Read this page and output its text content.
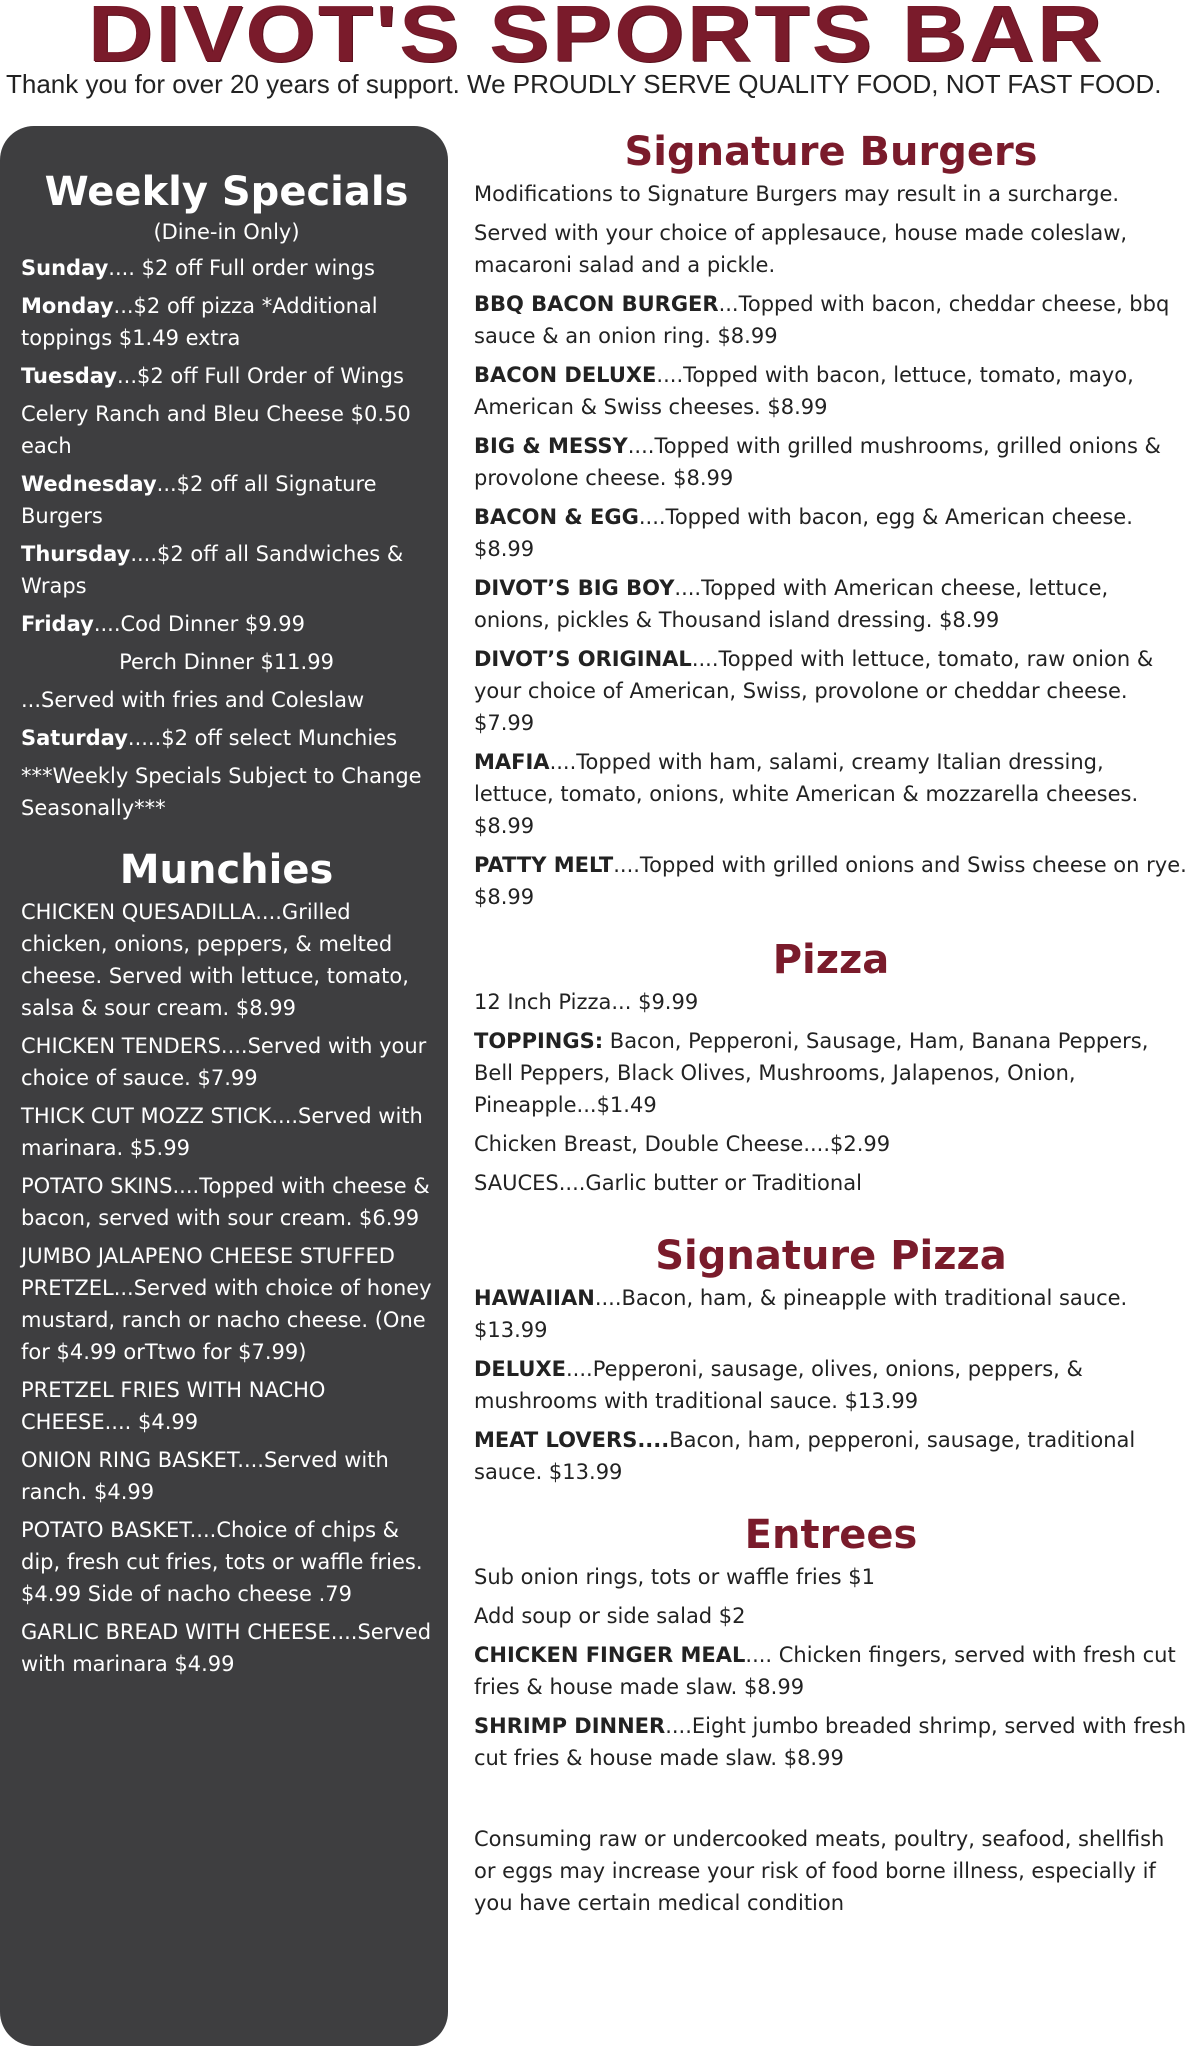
DIVOT'S SPORTS BAR
Thank you for over 20 years of support. We PROUDLY SERVE QUALITY FOOD, NOT FAST FOOD.
Weekly Specials
(Dine-in Only)
Sunday.... $2 off Full order wings
Monday...$2 off pizza *Additional toppings $1.49 extra
Tuesday...$2 off Full Order of Wings
Celery Ranch and Bleu Cheese $0.50 each
Wednesday...$2 off all Signature Burgers
Thursday....$2 off all Sandwiches & Wraps
Friday....Cod Dinner $9.99
Perch Dinner $11.99
...Served with fries and Coleslaw
Saturday.....$2 off select Munchies
***Weekly Specials Subject to Change Seasonally***
Munchies
CHICKEN QUESADILLA....Grilled chicken, onions, peppers, & melted cheese. Served with lettuce, tomato, salsa & sour cream. $8.99
CHICKEN TENDERS....Served with your choice of sauce. $7.99
THICK CUT MOZZ STICK....Served with marinara. $5.99
POTATO SKINS....Topped with cheese & bacon, served with sour cream. $6.99
JUMBO JALAPENO CHEESE STUFFED PRETZEL...Served with choice of honey mustard, ranch or nacho cheese. (One for $4.99 orTtwo for $7.99)
PRETZEL FRIES WITH NACHO CHEESE.... $4.99
ONION RING BASKET....Served with ranch. $4.99
POTATO BASKET....Choice of chips & dip, fresh cut fries, tots or waffle fries. $4.99 Side of nacho cheese .79
GARLIC BREAD WITH CHEESE....Served with marinara $4.99
Signature Burgers
Modifications to Signature Burgers may result in a surcharge.
Served with your choice of applesauce, house made coleslaw, macaroni salad and a pickle.
BBQ BACON BURGER...Topped with bacon, cheddar cheese, bbq sauce & an onion ring. $8.99
BACON DELUXE....Topped with bacon, lettuce, tomato, mayo, American & Swiss cheeses. $8.99
BIG & MESSY....Topped with grilled mushrooms, grilled onions & provolone cheese. $8.99
BACON & EGG....Topped with bacon, egg & American cheese. $8.99
DIVOT’S BIG BOY....Topped with American cheese, lettuce, onions, pickles & Thousand island dressing. $8.99
DIVOT’S ORIGINAL....Topped with lettuce, tomato, raw onion & your choice of American, Swiss, provolone or cheddar cheese. $7.99
MAFIA....Topped with ham, salami, creamy Italian dressing, lettuce, tomato, onions, white American & mozzarella cheeses. $8.99
PATTY MELT....Topped with grilled onions and Swiss cheese on rye. $8.99
Pizza
12 Inch Pizza... $9.99
TOPPINGS: Bacon, Pepperoni, Sausage, Ham, Banana Peppers, Bell Peppers, Black Olives, Mushrooms, Jalapenos, Onion, Pineapple...$1.49
Chicken Breast, Double Cheese....$2.99
SAUCES....Garlic butter or Traditional
Signature Pizza
HAWAIIAN....Bacon, ham, & pineapple with traditional sauce. $13.99
DELUXE....Pepperoni, sausage, olives, onions, peppers, & mushrooms with traditional sauce. $13.99
MEAT LOVERS....Bacon, ham, pepperoni, sausage, traditional sauce. $13.99
Entrees
Sub onion rings, tots or waffle fries $1
Add soup or side salad $2
CHICKEN FINGER MEAL.... Chicken fingers, served with fresh cut fries & house made slaw. $8.99
SHRIMP DINNER....Eight jumbo breaded shrimp, served with fresh cut fries & house made slaw. $8.99
Consuming raw or undercooked meats, poultry, seafood, shellfish or eggs may increase your risk of food borne illness, especially if you have certain medical condition
